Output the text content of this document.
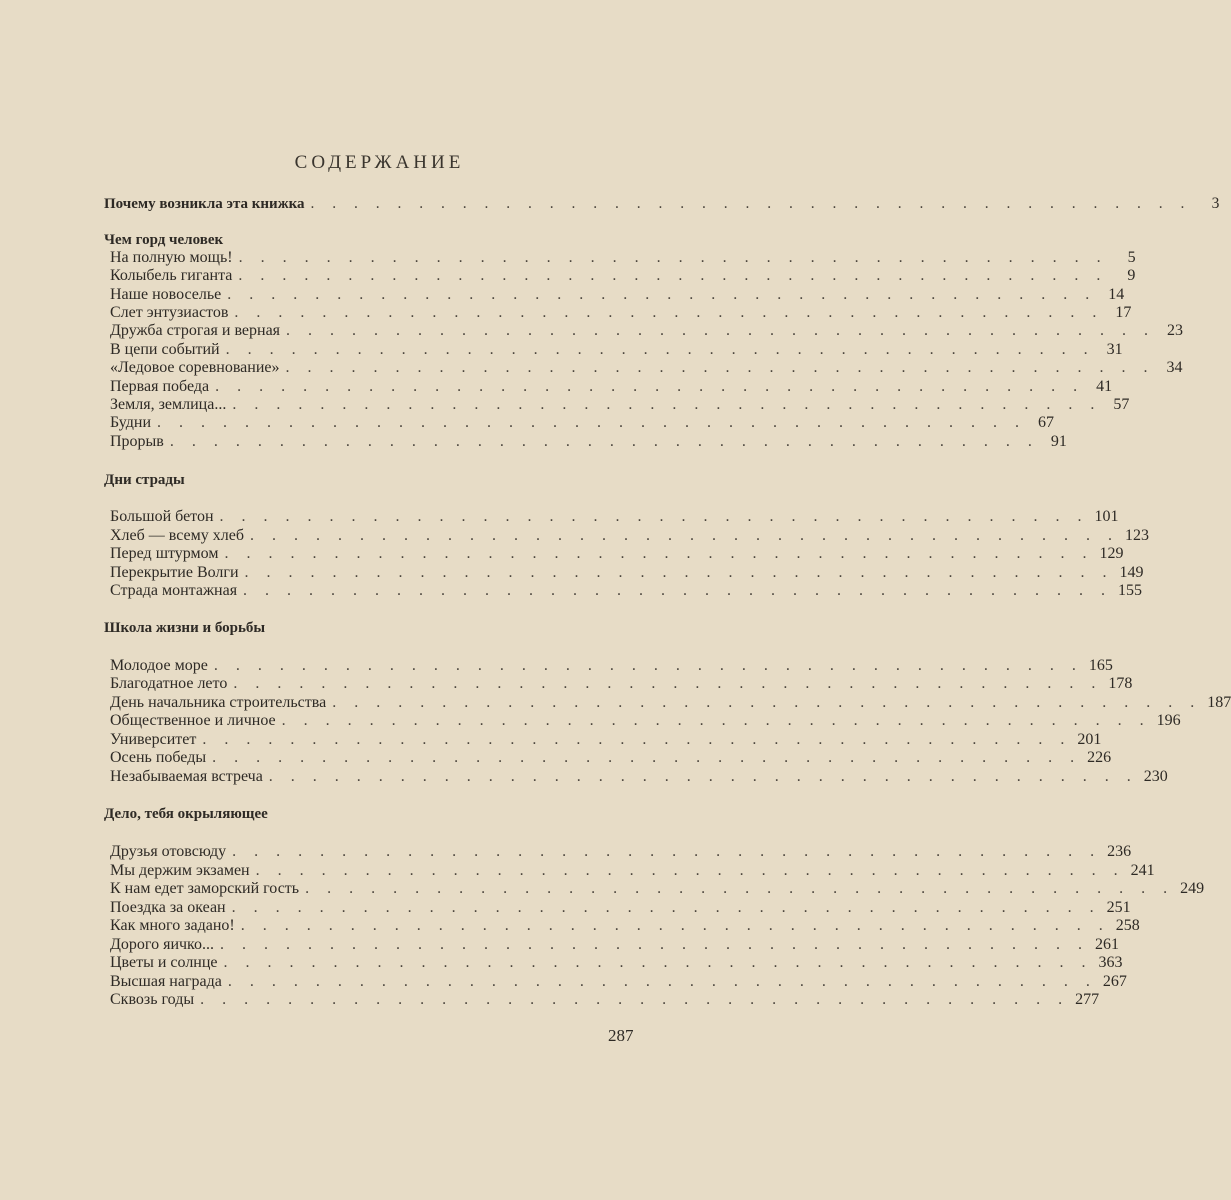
СОДЕРЖАНИЕ
Почему возникла эта книжка . . . . . . . . . . . . . . . . . . . . . . . . . . . . . . . . . . . . . . . . .	3
Чем горд человек
На полную мощь! . . . . . . . . . . . . . . . . . . . . . . . . . . . . . . . . . . . . . . . .	5
Колыбель гиганта . . . . . . . . . . . . . . . . . . . . . . . . . . . . . . . . . . . . . . . .	9
Наше новоселье . . . . . . . . . . . . . . . . . . . . . . . . . . . . . . . . . . . . . . . . 14
Слет энтузиастов . . . . . . . . . . . . . . . . . . . . . . . . . . . . . . . . . . . . . . . . 17
Дружба строгая и верная . . . . . . . . . . . . . . . . . . . . . . . . . . . . . . . . . . . . . . . . 23
В цепи событий . . . . . . . . . . . . . . . . . . . . . . . . . . . . . . . . . . . . . . . . 31
«Ледовое соревнование» . . . . . . . . . . . . . . . . . . . . . . . . . . . . . . . . . . . . . . . . 34
Первая победа . . . . . . . . . . . . . . . . . . . . . . . . . . . . . . . . . . . . . . . . 41
Земля, землица... . . . . . . . . . . . . . . . . . . . . . . . . . . . . . . . . . . . . . . . . 57
Будни . . . . . . . . . . . . . . . . . . . . . . . . . . . . . . . . . . . . . . . . 67
Прорыв . . . . . . . . . . . . . . . . . . . . . . . . . . . . . . . . . . . . . . . . 91
Дни страды
Большой бетон . . . . . . . . . . . . . . . . . . . . . . . . . . . . . . . . . . . . . . . . 101
Хлеб — всему хлеб . . . . . . . . . . . . . . . . . . . . . . . . . . . . . . . . . . . . . . . . 123
Перед штурмом . . . . . . . . . . . . . . . . . . . . . . . . . . . . . . . . . . . . . . . . 129
Перекрытие Волги . . . . . . . . . . . . . . . . . . . . . . . . . . . . . . . . . . . . . . . . 149
Страда монтажная . . . . . . . . . . . . . . . . . . . . . . . . . . . . . . . . . . . . . . . . 155
Школа жизни и борьбы
Молодое море . . . . . . . . . . . . . . . . . . . . . . . . . . . . . . . . . . . . . . . . 165
Благодатное лето . . . . . . . . . . . . . . . . . . . . . . . . . . . . . . . . . . . . . . . . 178
День начальника строительства . . . . . . . . . . . . . . . . . . . . . . . . . . . . . . . . . . . . . . . . 187
Общественное и личное . . . . . . . . . . . . . . . . . . . . . . . . . . . . . . . . . . . . . . . . 196
Университет . . . . . . . . . . . . . . . . . . . . . . . . . . . . . . . . . . . . . . . . 201
Осень победы . . . . . . . . . . . . . . . . . . . . . . . . . . . . . . . . . . . . . . . . 226
Незабываемая встреча . . . . . . . . . . . . . . . . . . . . . . . . . . . . . . . . . . . . . . . . 230
Дело, тебя окрыляющее
Друзья отовсюду . . . . . . . . . . . . . . . . . . . . . . . . . . . . . . . . . . . . . . . . 236
Мы держим экзамен . . . . . . . . . . . . . . . . . . . . . . . . . . . . . . . . . . . . . . . . 241
К нам едет заморский гость . . . . . . . . . . . . . . . . . . . . . . . . . . . . . . . . . . . . . . . . 249
Поездка за океан . . . . . . . . . . . . . . . . . . . . . . . . . . . . . . . . . . . . . . . . 251
Как много задано! . . . . . . . . . . . . . . . . . . . . . . . . . . . . . . . . . . . . . . . . 258
Дорого яичко... . . . . . . . . . . . . . . . . . . . . . . . . . . . . . . . . . . . . . . . . 261
Цветы и солнце . . . . . . . . . . . . . . . . . . . . . . . . . . . . . . . . . . . . . . . . 363
Высшая награда . . . . . . . . . . . . . . . . . . . . . . . . . . . . . . . . . . . . . . . . 267
Сквозь годы . . . . . . . . . . . . . . . . . . . . . . . . . . . . . . . . . . . . . . . . 277
287
